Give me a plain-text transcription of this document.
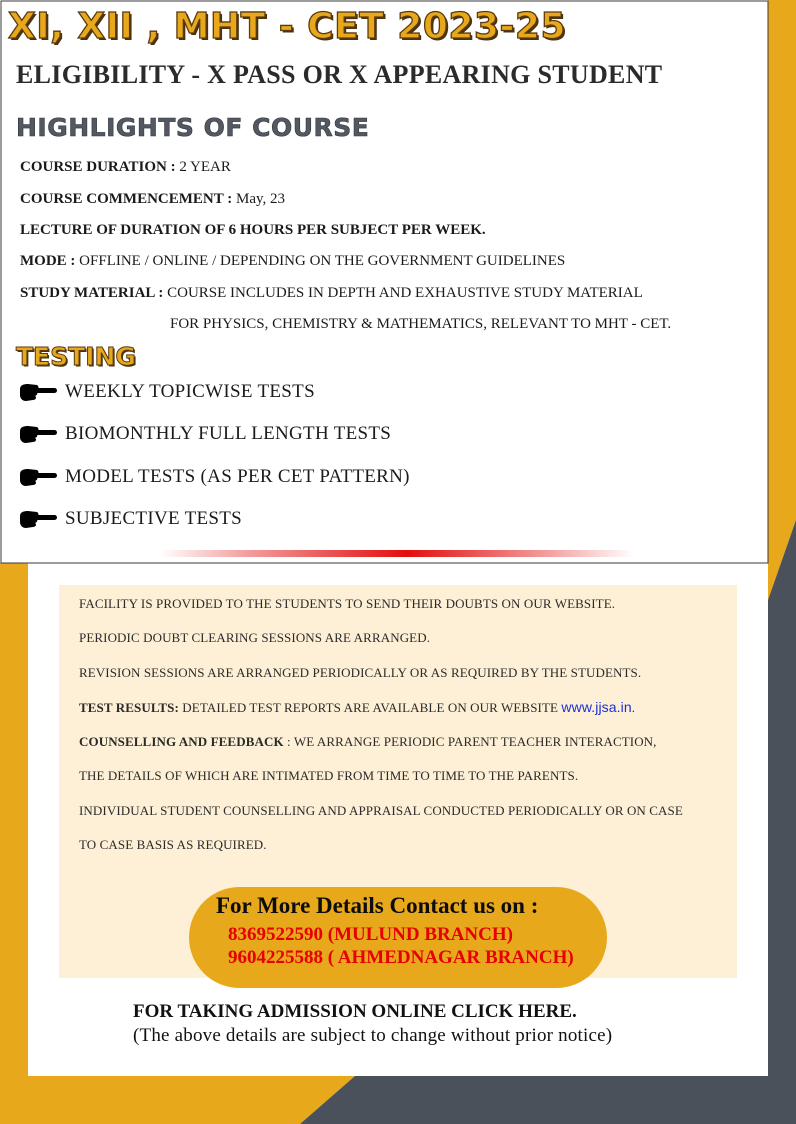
XI, XII , MHT - CET 2023-25
ELIGIBILITY - X PASS OR X APPEARING STUDENT
HIGHLIGHTS OF COURSE
COURSE DURATION : 2 YEAR
COURSE COMMENCEMENT : May, 23
LECTURE OF DURATION OF 6 HOURS PER SUBJECT PER WEEK.
MODE : OFFLINE / ONLINE / DEPENDING ON THE GOVERNMENT GUIDELINES
STUDY MATERIAL : COURSE INCLUDES IN DEPTH AND EXHAUSTIVE STUDY MATERIAL
FOR PHYSICS, CHEMISTRY & MATHEMATICS, RELEVANT TO MHT - CET.
TESTING
WEEKLY TOPICWISE TESTS
BIOMONTHLY FULL LENGTH TESTS
MODEL TESTS (AS PER CET PATTERN)
SUBJECTIVE TESTS
FACILITY IS PROVIDED TO THE STUDENTS TO SEND THEIR DOUBTS ON OUR WEBSITE.
PERIODIC DOUBT CLEARING SESSIONS ARE ARRANGED.
REVISION SESSIONS ARE ARRANGED PERIODICALLY OR AS REQUIRED BY THE STUDENTS.
TEST RESULTS: DETAILED TEST REPORTS ARE AVAILABLE ON OUR WEBSITE www.jjsa.in.
COUNSELLING AND FEEDBACK : WE ARRANGE PERIODIC PARENT TEACHER INTERACTION,
THE DETAILS OF WHICH ARE INTIMATED FROM TIME TO TIME TO THE PARENTS.
INDIVIDUAL STUDENT COUNSELLING AND APPRAISAL CONDUCTED PERIODICALLY OR ON CASE
TO CASE BASIS AS REQUIRED.
For More Details Contact us on :
8369522590 (MULUND BRANCH)
9604225588 ( AHMEDNAGAR BRANCH)
FOR TAKING ADMISSION ONLINE CLICK HERE.
(The above details are subject to change without prior notice)
